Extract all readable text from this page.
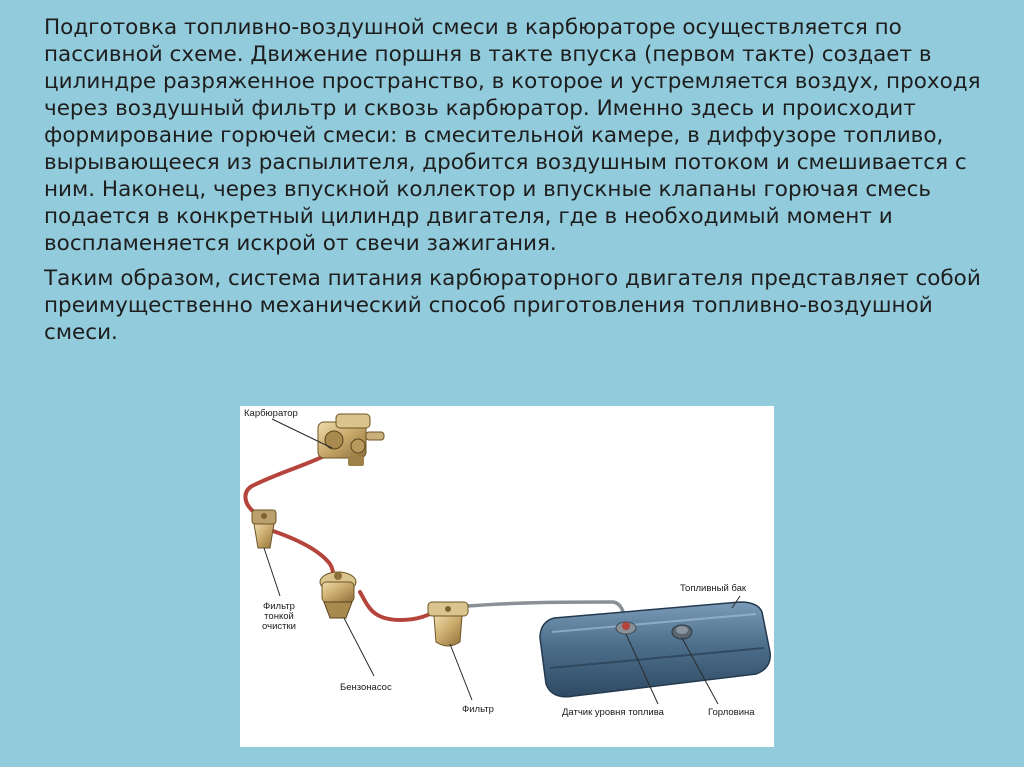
Подготовка топливно-воздушной смеси в карбюраторе осуществляется по пассивной схеме. Движение поршня в такте впуска (первом такте) создает в цилиндре разряженное пространство, в которое и устремляется воздух, проходя через воздушный фильтр и сквозь карбюратор. Именно здесь и происходит формирование горючей смеси: в смесительной камере, в диффузоре топливо, вырывающееся из распылителя, дробится воздушным потоком и смешивается с ним. Наконец, через впускной коллектор и впускные клапаны горючая смесь подается в конкретный цилиндр двигателя, где в необходимый момент и воспламеняется искрой от свечи зажигания.

Таким образом, система питания карбюраторного двигателя представляет собой преимущественно механический способ приготовления топливно-воздушной смеси.

Карбюратор
Фильтр тонкой очистки
Бензонасос
Фильтр
Топливный бак
Датчик уровня топлива	Горловина
